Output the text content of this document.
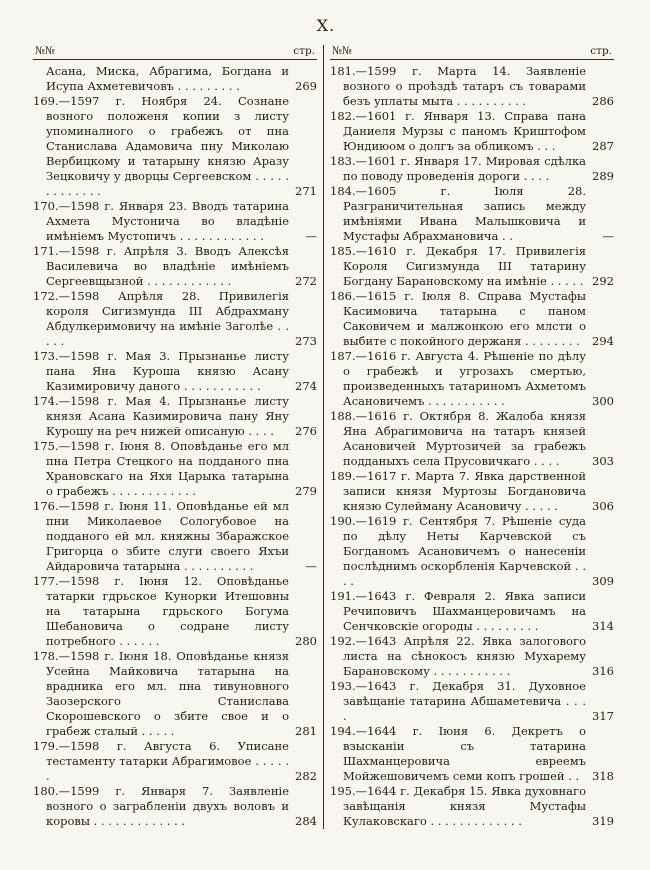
X.
№№	стр.

Асана, Миска, Абрагима, Богдана и Исупа Ахметевичовъ . . . . . . . . .	269

169.—1597 г. Ноября 24. Сознане возного положеня копии з листу упоминалного о грабежъ от пна Станислава Адамовича пну Миколаю Вербицкому и татарыну князю Аразу Зецковичу у дворцы Сергеевском . . . . . . . . . . . . .	271

170.—1598 г. Января 23. Вводъ татарина Ахмета Мустонича во владѣніе имѣніемъ Мустопичъ . . . . . . . . . . . .	—

171.—1598 г. Апрѣля 3. Вводъ Алексѣя Василевича во владѣніе имѣніемъ Сергеевщызной . . . . . . . . . . . .	272

172.—1598 Апрѣля 28. Привилегія короля Сигизмунда III Абдрахману Абдулкеримовичу на имѣніе Заголѣе . . . . .	273

173.—1598 г. Мая 3. Прызнанье листу пана Яна Куроша князю Асану Казимировичу даного . . . . . . . . . . .	274

174.—1598 г. Мая 4. Прызнанье листу князя Асана Казимировича пану Яну Курошу на реч нижей описаную . . . . 276

175.—1598 г. Іюня 8. Оповѣданье его мл пна Петра Стецкого на подданого пна Храновскаго на Яхя Царыка татарына о грабежъ . . . . . . . . . . . .	279

176.—1598 г. Іюня 11. Оповѣданье ей мл пни Миколаевое Сологубовое на подданого ей мл. княжны Збаражское Григорца о збите слуги своего Яхъи Айдаровича татарына . . . . . . . . . .	—

177.—1598 г. Іюня 12. Оповѣданье татарки гдрьское Кунорки Итешовны на татарына гдрьского Богума Шебановича о содране листу потребного . . . . . .	280

178.—1598 г. Іюня 18. Оповѣданье князя Усейна Майковича татарына на врадника его мл. пна тивуновного Заозерского Станислава Скорошевского о збите свое и о грабеж сталый . . . . .	281

179.—1598 г. Августа 6. Уписане тестаменту татарки Абрагимовое . . . . . .	282

180.—1599 г. Января 7. Заявленіе возного о заграбленіи двухъ воловъ и коровы . . . . . . . . . . . . .	284

№№	стр.

181.—1599 г. Марта 14. Заявленіе возного о проѣздѣ татаръ съ товарами безъ уплаты мыта . . . . . . . . . .	286

182.—1601 г. Января 13. Справа пана Даниеля Мурзы с паномъ Криштофом Юндиюом о долгъ за обликомъ . . .	287

183.—1601 г. Января 17. Мировая сдѣлка по поводу проведенія дороги . . . .	289

184.—1605 г. Іюля 28. Разграничительная запись между имѣніями Ивана Мальшковича и Мустафы Абрахмановича . .	—

185.—1610 г. Декабря 17. Привилегія Короля Сигизмунда III татарину Богдану Барановскому на имѣніе . . . . . 292

186.—1615 г. Іюля 8. Справа Мустафы Касимовича татарына с паном Саковичем и малжонкою его млсти о выбите с покойного держаня . . . . . . . . 294

187.—1616 г. Августа 4. Рѣшеніе по дѣлу о грабежѣ и угрозахъ смертью, произведенныхъ татариномъ Ахметомъ Асановичемъ . . . . . . . . . . .	300

188.—1616 г. Октября 8. Жалоба князя Яна Абрагимовича на татаръ князей Асановичей Муртозичей за грабежъ подданыхъ села Прусовичкаго . . . .	303

189.—1617 г. Марта 7. Явка дарственной записи князя Муртозы Богдановича князю Сулейману Асановичу . . . . .	306

190.—1619 г. Сентября 7. Рѣшеніе суда по дѣлу Неты Карчевской съ Богданомъ Асановичемъ о нанесеніи послѣднимъ оскорбленія Карчевской . . . .	309

191.—1643 г. Февраля 2. Явка записи Речиповичъ Шахманцеровичамъ на Сенчковскіе огороды . . . . . . . . .	314

192.—1643 Апрѣля 22. Явка залогового листа на сѣнокосъ князю Мухарему Барановскому . . . . . . . . . . .	316

193.—1643 г. Декабря 31. Духовное завѣщаніе татарина Абшаметевича . . . .	317

194.—1644 г. Іюня 6. Декретъ о взысканіи съ татарина Шахманцеровича евреемъ Мойжешовичемъ семи копъ грошей . . 318

195.—1644 г. Декабря 15. Явка духовнаго завѣщанія князя Мустафы Кулаковскаго . . . . . . . . . . . . .	319
